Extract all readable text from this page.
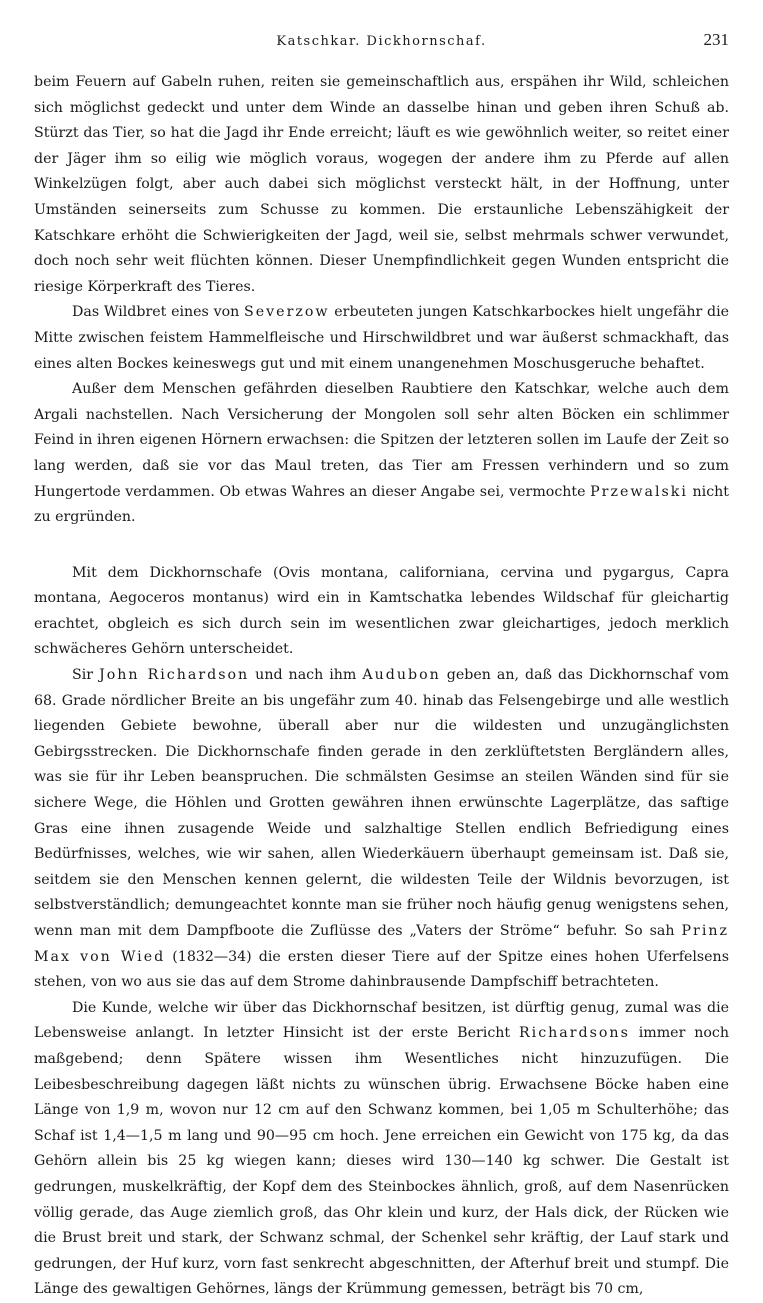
Katschkar. Dickhornschaf.	231

beim Feuern auf Gabeln ruhen, reiten sie gemeinschaftlich aus, erspähen ihr Wild, schleichen sich möglichst gedeckt und unter dem Winde an dasselbe hinan und geben ihren Schuß ab. Stürzt das Tier, so hat die Jagd ihr Ende erreicht; läuft es wie gewöhnlich weiter, so reitet einer der Jäger ihm so eilig wie möglich voraus, wogegen der andere ihm zu Pferde auf allen Winkelzügen folgt, aber auch dabei sich möglichst versteckt hält, in der Hoffnung, unter Umständen seinerseits zum Schusse zu kommen. Die erstaunliche Lebenszähigkeit der Katschkare erhöht die Schwierigkeiten der Jagd, weil sie, selbst mehrmals schwer verwundet, doch noch sehr weit flüchten können. Dieser Unempfindlichkeit gegen Wunden entspricht die riesige Körperkraft des Tieres.

Das Wildbret eines von Severzow erbeuteten jungen Katschkarbockes hielt ungefähr die Mitte zwischen feistem Hammelfleische und Hirschwildbret und war äußerst schmackhaft, das eines alten Bockes keineswegs gut und mit einem unangenehmen Moschusgeruche behaftet.

Außer dem Menschen gefährden dieselben Raubtiere den Katschkar, welche auch dem Argali nachstellen. Nach Versicherung der Mongolen soll sehr alten Böcken ein schlimmer Feind in ihren eigenen Hörnern erwachsen: die Spitzen der letzteren sollen im Laufe der Zeit so lang werden, daß sie vor das Maul treten, das Tier am Fressen verhindern und so zum Hungertode verdammen. Ob etwas Wahres an dieser Angabe sei, vermochte Przewalski nicht zu ergründen.

Mit dem Dickhornschafe (Ovis montana, californiana, cervina und pygargus, Capra montana, Aegoceros montanus) wird ein in Kamtschatka lebendes Wildschaf für gleichartig erachtet, obgleich es sich durch sein im wesentlichen zwar gleichartiges, jedoch merklich schwächeres Gehörn unterscheidet.

Sir John Richardson und nach ihm Audubon geben an, daß das Dickhornschaf vom 68. Grade nördlicher Breite an bis ungefähr zum 40. hinab das Felsengebirge und alle westlich liegenden Gebiete bewohne, überall aber nur die wildesten und unzugänglichsten Gebirgsstrecken. Die Dickhornschafe finden gerade in den zerklüftetsten Bergländern alles, was sie für ihr Leben beanspruchen. Die schmälsten Gesimse an steilen Wänden sind für sie sichere Wege, die Höhlen und Grotten gewähren ihnen erwünschte Lagerplätze, das saftige Gras eine ihnen zusagende Weide und salzhaltige Stellen endlich Befriedigung eines Bedürfnisses, welches, wie wir sahen, allen Wiederkäuern überhaupt gemeinsam ist. Daß sie, seitdem sie den Menschen kennen gelernt, die wildesten Teile der Wildnis bevorzugen, ist selbstverständlich; demungeachtet konnte man sie früher noch häufig genug wenigstens sehen, wenn man mit dem Dampfboote die Zuflüsse des „Vaters der Ströme“ befuhr. So sah Prinz Max von Wied (1832—34) die ersten dieser Tiere auf der Spitze eines hohen Uferfelsens stehen, von wo aus sie das auf dem Strome dahinbrausende Dampfschiff betrachteten.

Die Kunde, welche wir über das Dickhornschaf besitzen, ist dürftig genug, zumal was die Lebensweise anlangt. In letzter Hinsicht ist der erste Bericht Richardsons immer noch maßgebend; denn Spätere wissen ihm Wesentliches nicht hinzuzufügen. Die Leibesbeschreibung dagegen läßt nichts zu wünschen übrig. Erwachsene Böcke haben eine Länge von 1,9 m, wovon nur 12 cm auf den Schwanz kommen, bei 1,05 m Schulterhöhe; das Schaf ist 1,4—1,5 m lang und 90—95 cm hoch. Jene erreichen ein Gewicht von 175 kg, da das Gehörn allein bis 25 kg wiegen kann; dieses wird 130—140 kg schwer. Die Gestalt ist gedrungen, muskelkräftig, der Kopf dem des Steinbockes ähnlich, groß, auf dem Nasenrücken völlig gerade, das Auge ziemlich groß, das Ohr klein und kurz, der Hals dick, der Rücken wie die Brust breit und stark, der Schwanz schmal, der Schenkel sehr kräftig, der Lauf stark und gedrungen, der Huf kurz, vorn fast senkrecht abgeschnitten, der Afterhuf breit und stumpf. Die Länge des gewaltigen Gehörnes, längs der Krümmung gemessen, beträgt bis 70 cm,
